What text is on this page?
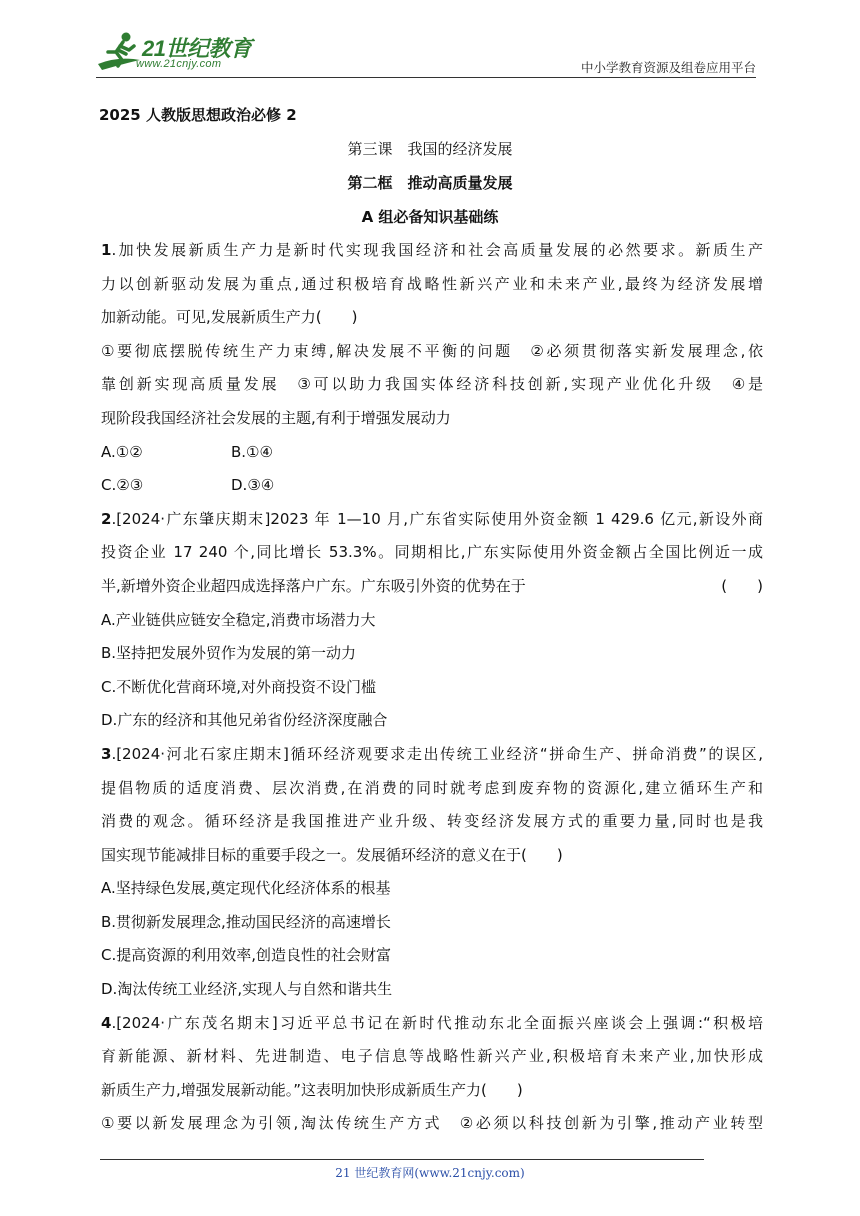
21世纪教育
www.21cnjy.com	中小学教育资源及组卷应用平台
2025 人教版思想政治必修 2
第三课　我国的经济发展
第二框　推动高质量发展
A 组必备知识基础练
1.加快发展新质生产力是新时代实现我国经济和社会高质量发展的必然要求。新质生产
力以创新驱动发展为重点,通过积极培育战略性新兴产业和未来产业,最终为经济发展增
加新动能。可见,发展新质生产力(　　)
①要彻底摆脱传统生产力束缚,解决发展不平衡的问题　②必须贯彻落实新发展理念,依
靠创新实现高质量发展　③可以助力我国实体经济科技创新,实现产业优化升级　④是
现阶段我国经济社会发展的主题,有利于增强发展动力
A.①②	B.①④
C.②③	D.③④
2.[2024·广东肇庆期末]2023 年 1—10 月,广东省实际使用外资金额 1 429.6 亿元,新设外商
投资企业 17 240 个,同比增长 53.3%。同期相比,广东实际使用外资金额占全国比例近一成
半,新增外资企业超四成选择落户广东。广东吸引外资的优势在于	(　　)
A.产业链供应链安全稳定,消费市场潜力大
B.坚持把发展外贸作为发展的第一动力
C.不断优化营商环境,对外商投资不设门槛
D.广东的经济和其他兄弟省份经济深度融合
3.[2024·河北石家庄期末]循环经济观要求走出传统工业经济“拼命生产、拼命消费”的误区,
提倡物质的适度消费、层次消费,在消费的同时就考虑到废弃物的资源化,建立循环生产和
消费的观念。循环经济是我国推进产业升级、转变经济发展方式的重要力量,同时也是我
国实现节能减排目标的重要手段之一。发展循环经济的意义在于(　　)
A.坚持绿色发展,奠定现代化经济体系的根基
B.贯彻新发展理念,推动国民经济的高速增长
C.提高资源的利用效率,创造良性的社会财富
D.淘汰传统工业经济,实现人与自然和谐共生
4.[2024·广东茂名期末]习近平总书记在新时代推动东北全面振兴座谈会上强调:“积极培
育新能源、新材料、先进制造、电子信息等战略性新兴产业,积极培育未来产业,加快形成
新质生产力,增强发展新动能。”这表明加快形成新质生产力(　　)
①要以新发展理念为引领,淘汰传统生产方式　②必须以科技创新为引擎,推动产业转型
21 世纪教育网(www.21cnjy.com)
